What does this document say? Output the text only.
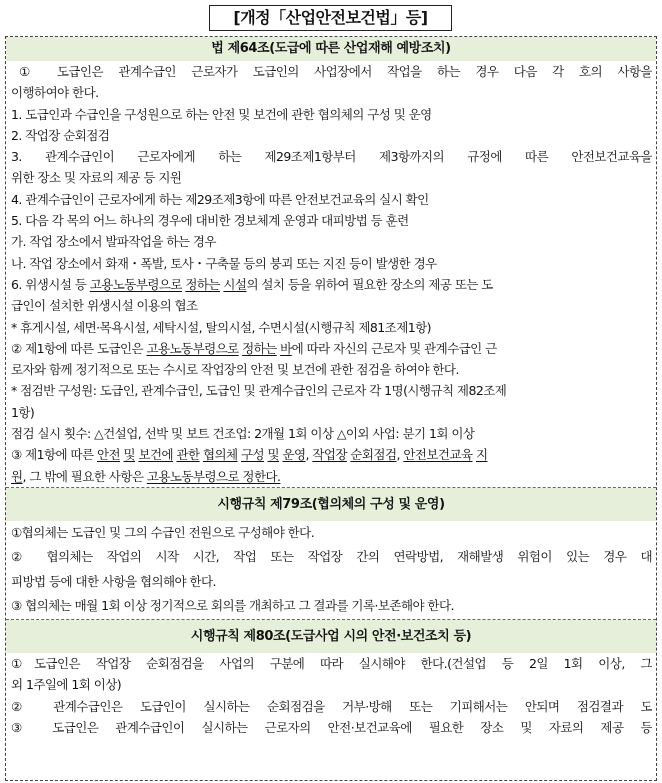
[개정「산업안전보건법」등]
법 제64조(도급에 따른 산업재해 예방조치)
① 도급인은 관계수급인 근로자가 도급인의 사업장에서 작업을 하는 경우 다음 각 호의 사항을
이행하여야 한다.
1. 도급인과 수급인을 구성원으로 하는 안전 및 보건에 관한 협의체의 구성 및 운영
2. 작업장 순회점검
3. 관계수급인이 근로자에게 하는 제29조제1항부터 제3항까지의 규정에 따른 안전보건교육을
위한 장소 및 자료의 제공 등 지원
4. 관계수급인이 근로자에게 하는 제29조제3항에 따른 안전보건교육의 실시 확인
5. 다음 각 목의 어느 하나의 경우에 대비한 경보체계 운영과 대피방법 등 훈련
가. 작업 장소에서 발파작업을 하는 경우
나. 작업 장소에서 화재・폭발, 토사・구축물 등의 붕괴 또는 지진 등이 발생한 경우
6. 위생시설 등 고용노동부령으로 정하는 시설의 설치 등을 위하여 필요한 장소의 제공 또는 도
급인이 설치한 위생시설 이용의 협조
* 휴게시설, 세면·목욕시설, 세탁시설, 탈의시설, 수면시설(시행규칙 제81조제1항)
② 제1항에 따른 도급인은 고용노동부령으로 정하는 바에 따라 자신의 근로자 및 관계수급인 근
로자와 함께 정기적으로 또는 수시로 작업장의 안전 및 보건에 관한 점검을 하여야 한다.
* 점검반 구성원: 도급인, 관계수급인, 도급인 및 관계수급인의 근로자 각 1명(시행규칙 제82조제
1항)
점검 실시 횟수: △건설업, 선박 및 보트 건조업: 2개월 1회 이상 △이외 사업: 분기 1회 이상
③ 제1항에 따른 안전 및 보건에 관한 협의체 구성 및 운영, 작업장 순회점검, 안전보건교육 지
원, 그 밖에 필요한 사항은 고용노동부령으로 정한다.
시행규칙 제79조(협의체의 구성 및 운영)
①협의체는 도급인 및 그의 수급인 전원으로 구성해야 한다.
② 협의체는 작업의 시작 시간, 작업 또는 작업장 간의 연락방법, 재해발생 위험이 있는 경우 대
피방법 등에 대한 사항을 협의해야 한다.
③ 협의체는 매월 1회 이상 정기적으로 회의를 개최하고 그 결과를 기록·보존해야 한다.
시행규칙 제80조(도급사업 시의 안전·보건조치 등)
①도급인은 작업장 순회점검을 사업의 구분에 따라 실시해야 한다.(건설업 등 2일 1회 이상, 그
외 1주일에 1회 이상)
② 관계수급인은 도급인이 실시하는 순회점검을 거부·방해 또는 기피해서는 안되며 점검결과 도
③ 도급인은 관계수급인이 실시하는 근로자의 안전·보건교육에 필요한 장소 및 자료의 제공 등
